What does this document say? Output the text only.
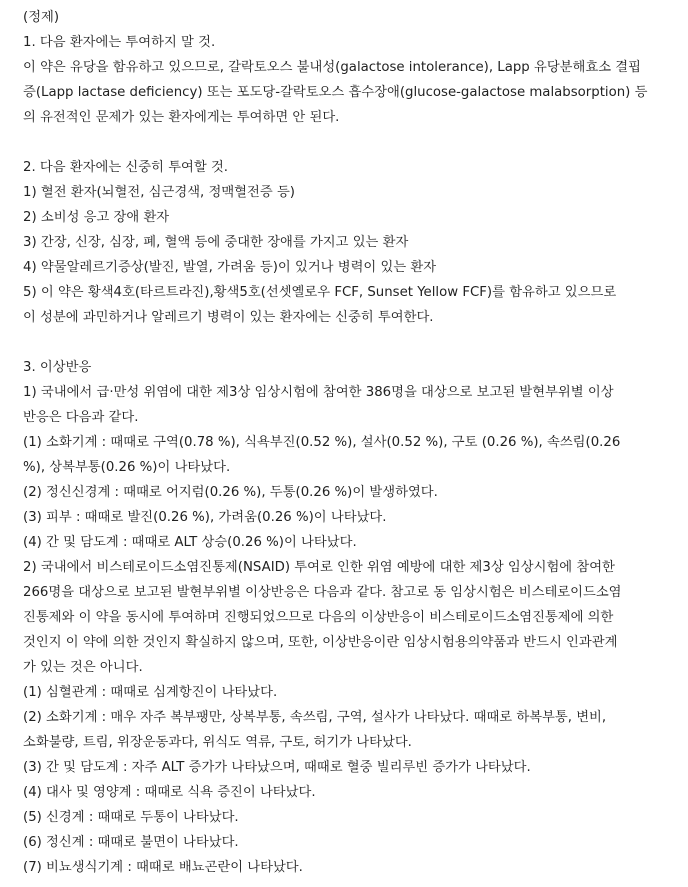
(정제)
1. 다음 환자에는 투여하지 말 것.
이 약은 유당을 함유하고 있으므로, 갈락토오스 불내성(galactose intolerance), Lapp 유당분해효소 결핍
증(Lapp lactase deficiency) 또는 포도당-갈락토오스 흡수장애(glucose-galactose malabsorption) 등
의 유전적인 문제가 있는 환자에게는 투여하면 안 된다.
2. 다음 환자에는 신중히 투여할 것.
1) 혈전 환자(뇌혈전, 심근경색, 정맥혈전증 등)
2) 소비성 응고 장애 환자
3) 간장, 신장, 심장, 폐, 혈액 등에 중대한 장애를 가지고 있는 환자
4) 약물알레르기증상(발진, 발열, 가려움 등)이 있거나 병력이 있는 환자
5) 이 약은 황색4호(타르트라진),황색5호(선셋옐로우 FCF, Sunset Yellow FCF)를 함유하고 있으므로
이 성분에 과민하거나 알레르기 병력이 있는 환자에는 신중히 투여한다.
3. 이상반응
1) 국내에서 급·만성 위염에 대한 제3상 임상시험에 참여한 386명을 대상으로 보고된 발현부위별 이상
반응은 다음과 같다.
(1) 소화기계 : 때때로 구역(0.78 %), 식욕부진(0.52 %), 설사(0.52 %), 구토 (0.26 %), 속쓰림(0.26
%), 상복부통(0.26 %)이 나타났다.
(2) 정신신경계 : 때때로 어지럼(0.26 %), 두통(0.26 %)이 발생하였다.
(3) 피부 : 때때로 발진(0.26 %), 가려움(0.26 %)이 나타났다.
(4) 간 및 담도계 : 때때로 ALT 상승(0.26 %)이 나타났다.
2) 국내에서 비스테로이드소염진통제(NSAID) 투여로 인한 위염 예방에 대한 제3상 임상시험에 참여한
266명을 대상으로 보고된 발현부위별 이상반응은 다음과 같다. 참고로 동 임상시험은 비스테로이드소염
진통제와 이 약을 동시에 투여하며 진행되었으므로 다음의 이상반응이 비스테로이드소염진통제에 의한
것인지 이 약에 의한 것인지 확실하지 않으며, 또한, 이상반응이란 임상시험용의약품과 반드시 인과관계
가 있는 것은 아니다.
(1) 심혈관계 : 때때로 심계항진이 나타났다.
(2) 소화기계 : 매우 자주 복부팽만, 상복부통, 속쓰림, 구역, 설사가 나타났다. 때때로 하복부통, 변비,
소화불량, 트림, 위장운동과다, 위식도 역류, 구토, 허기가 나타났다.
(3) 간 및 담도계 : 자주 ALT 증가가 나타났으며, 때때로 혈중 빌리루빈 증가가 나타났다.
(4) 대사 및 영양계 : 때때로 식욕 증진이 나타났다.
(5) 신경계 : 때때로 두통이 나타났다.
(6) 정신계 : 때때로 불면이 나타났다.
(7) 비뇨생식기계 : 때때로 배뇨곤란이 나타났다.
